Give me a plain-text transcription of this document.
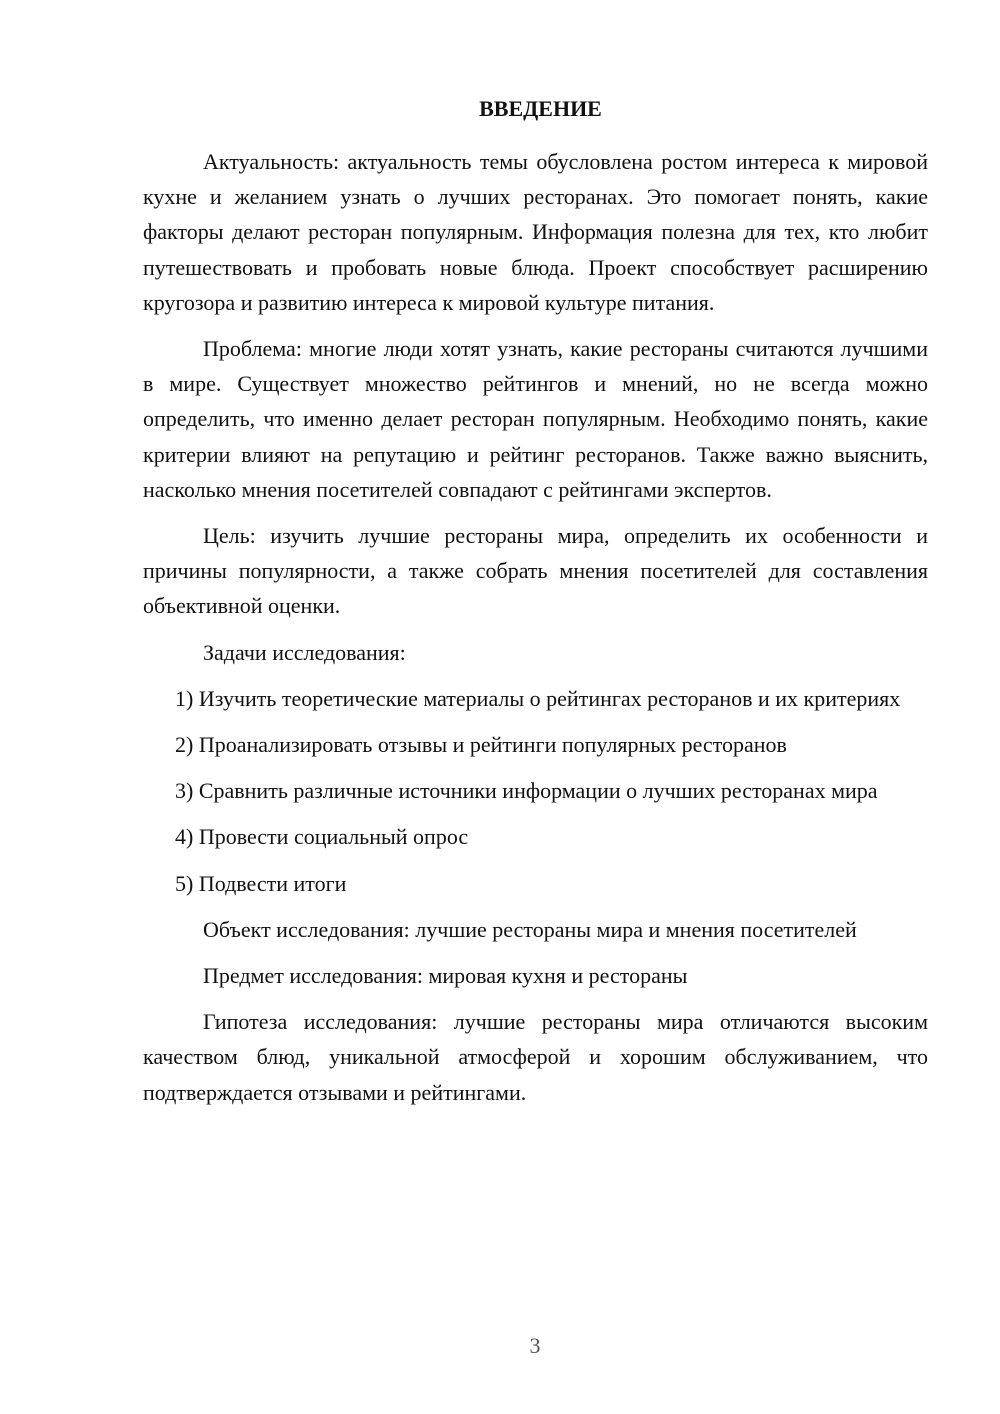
ВВЕДЕНИЕ

Актуальность: актуальность темы обусловлена ростом интереса к мировой кухне и желанием узнать о лучших ресторанах. Это помогает понять, какие факторы делают ресторан популярным. Информация полезна для тех, кто любит путешествовать и пробовать новые блюда. Проект способствует расширению кругозора и развитию интереса к мировой культуре питания.

Проблема: многие люди хотят узнать, какие рестораны считаются лучшими в мире. Существует множество рейтингов и мнений, но не всегда можно определить, что именно делает ресторан популярным. Необходимо понять, какие критерии влияют на репутацию и рейтинг ресторанов. Также важно выяснить, насколько мнения посетителей совпадают с рейтингами экспертов.

Цель: изучить лучшие рестораны мира, определить их особенности и причины популярности, а также собрать мнения посетителей для составления объективной оценки.

Задачи исследования:

1) Изучить теоретические материалы о рейтингах ресторанов и их критериях

2) Проанализировать отзывы и рейтинги популярных ресторанов

3) Сравнить различные источники информации о лучших ресторанах мира

4) Провести социальный опрос

5) Подвести итоги

Объект исследования: лучшие рестораны мира и мнения посетителей

Предмет исследования: мировая кухня и рестораны

Гипотеза исследования: лучшие рестораны мира отличаются высоким качеством блюд, уникальной атмосферой и хорошим обслуживанием, что подтверждается отзывами и рейтингами.

3
